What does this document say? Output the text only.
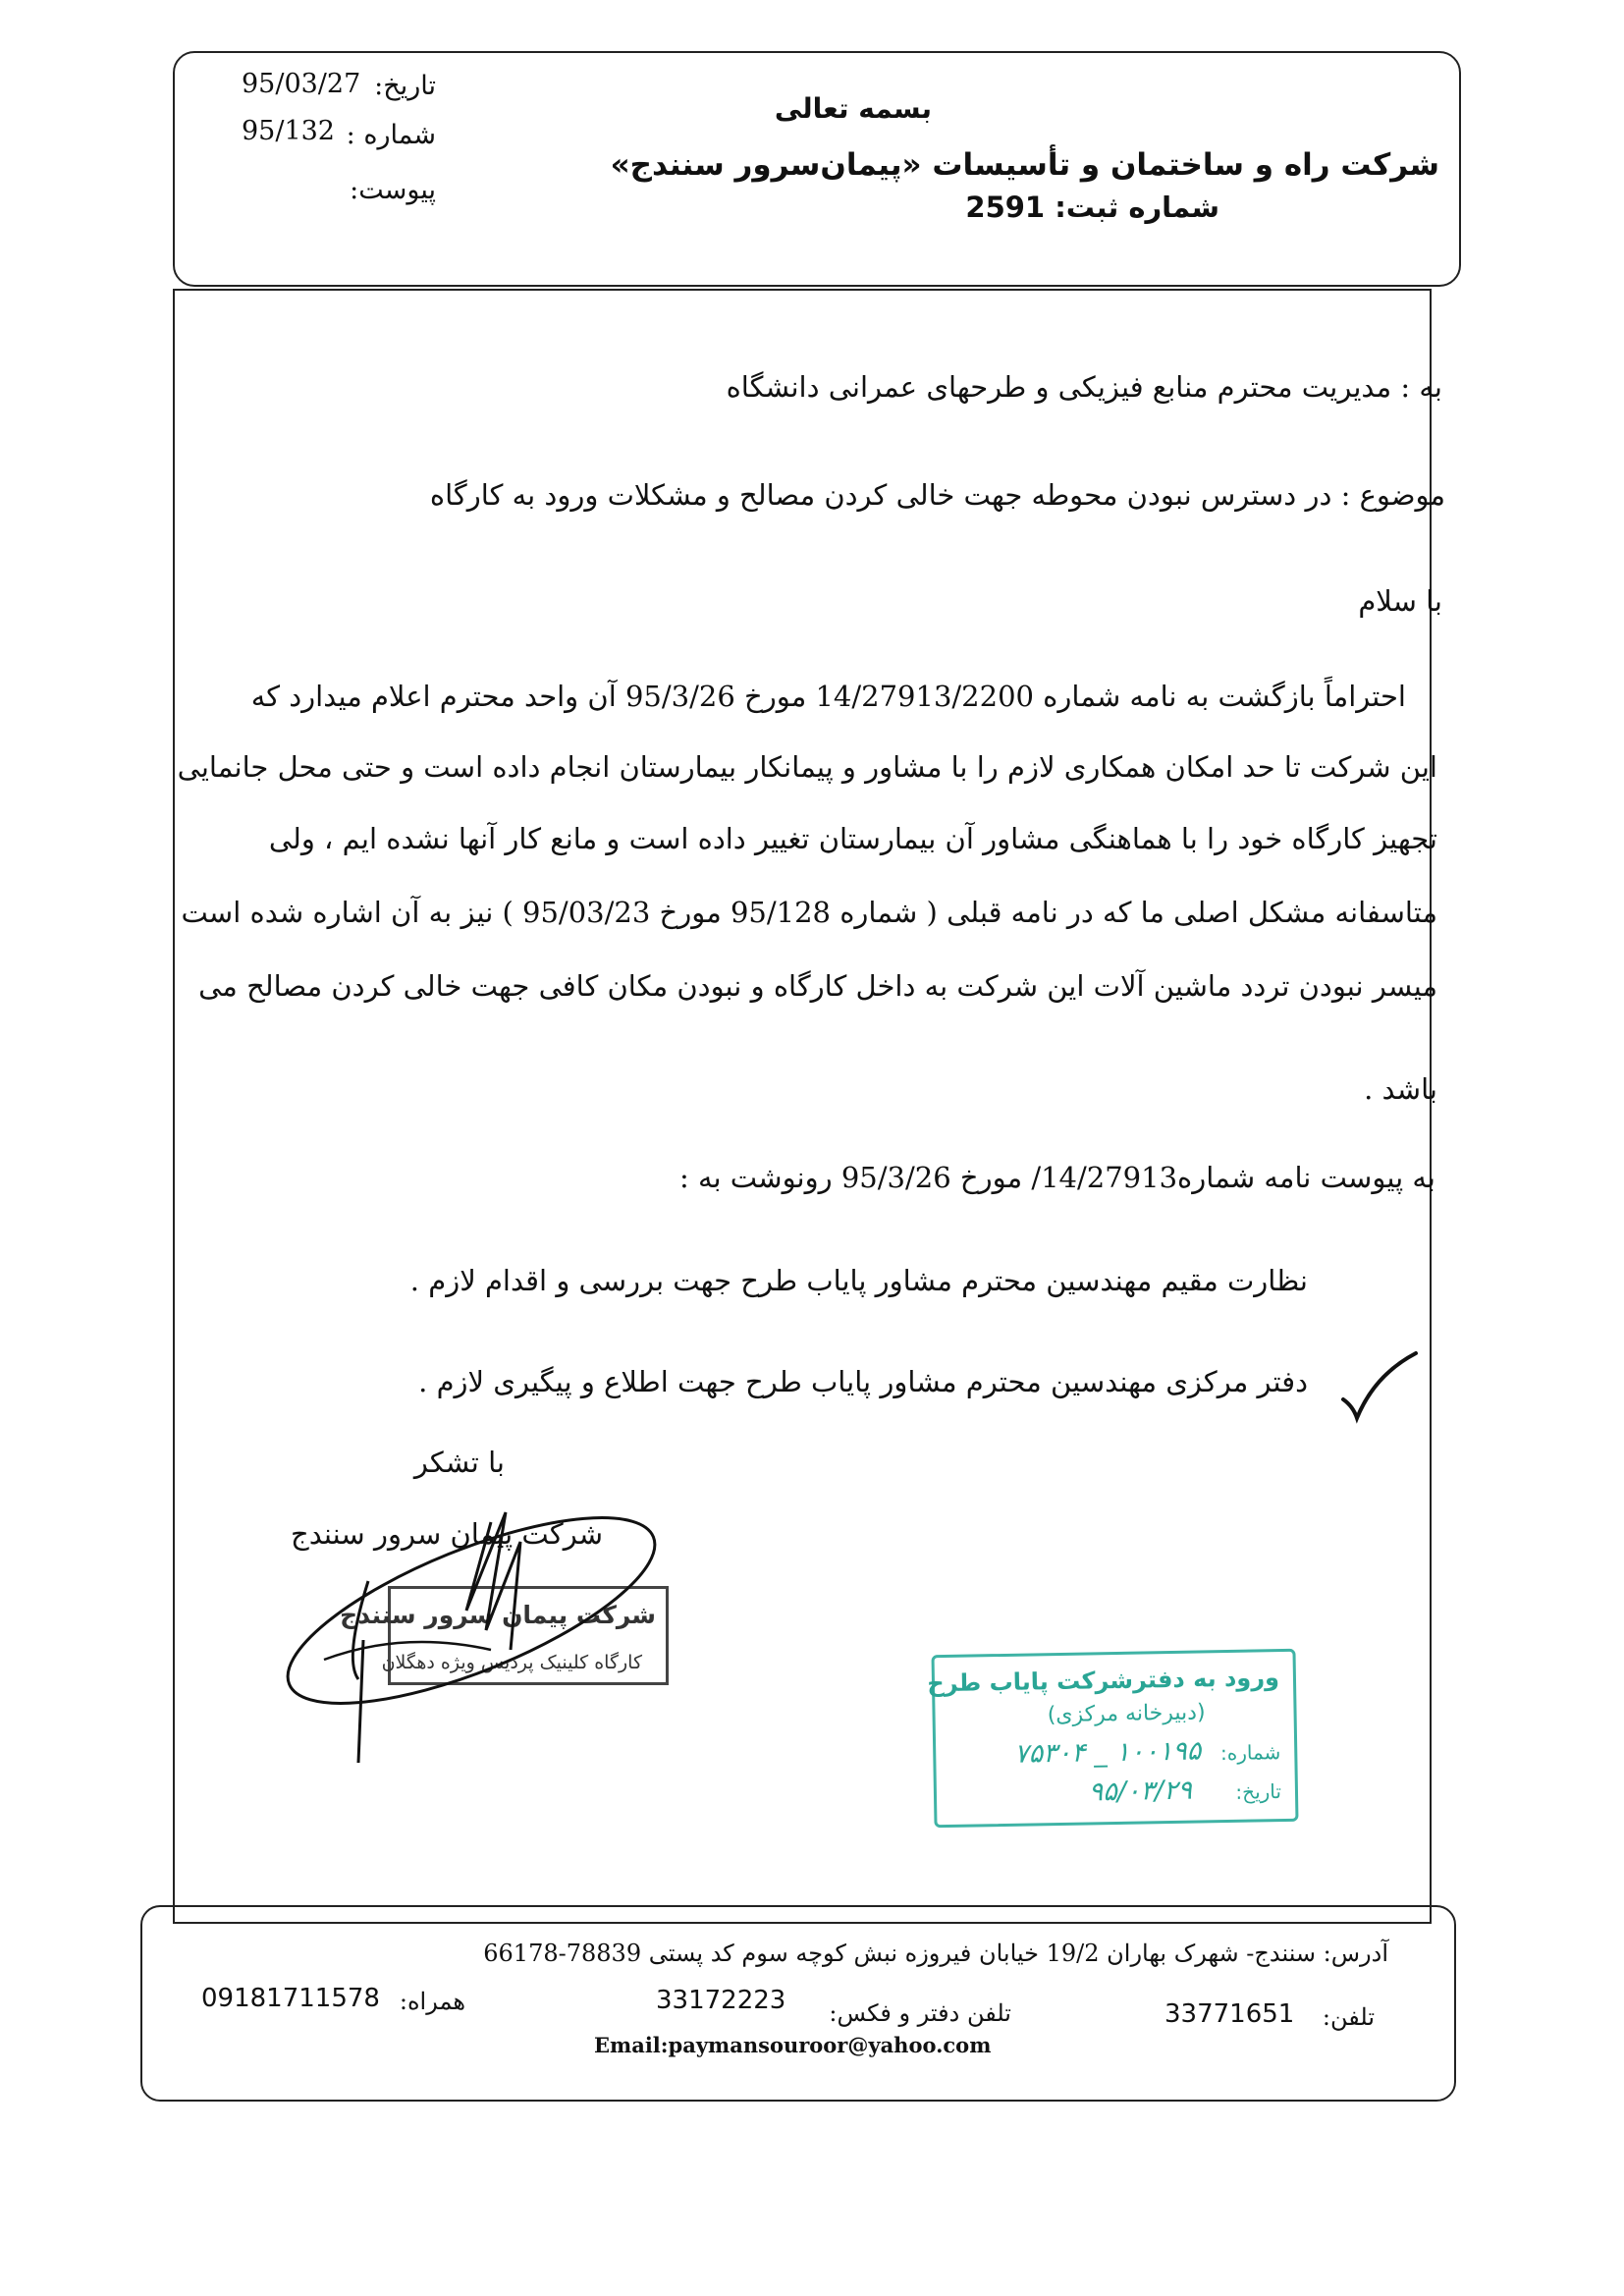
تاریخ:
95/03/27
شماره :
95/132
پیوست:
بسمه تعالی
شرکت راه و ساختمان و تأسیسات «پیمان‌سرور سنندج»
شماره ثبت: 2591
به : مدیریت محترم منابع فیزیکی و طرحهای عمرانی دانشگاه
موضوع : در دسترس نبودن محوطه جهت خالی کردن مصالح و مشکلات ورود به کارگاه
با سلام
احتراماً بازگشت به نامه شماره 14/27913/2200 مورخ 95/3/26 آن واحد محترم اعلام میدارد که
این شرکت تا حد امکان همکاری لازم را با مشاور و پیمانکار بیمارستان انجام داده است و حتی محل جانمایی
تجهیز کارگاه خود را با هماهنگی مشاور آن بیمارستان تغییر داده است و مانع کار آنها نشده ایم ، ولی
متاسفانه مشکل اصلی ما که در نامه قبلی ( شماره 95/128 مورخ 95/03/23 ) نیز به آن اشاره شده است
میسر نبودن تردد ماشین آلات این شرکت به داخل کارگاه و نبودن مکان کافی جهت خالی کردن مصالح می
باشد .
به پیوست نامه شماره14/27913/ مورخ 95/3/26 رونوشت به :
نظارت مقیم مهندسین محترم مشاور پایاب طرح جهت بررسی و اقدام لازم .
دفتر مرکزی مهندسین محترم مشاور پایاب طرح جهت اطلاع و پیگیری لازم .
با تشکر
شرکت پیمان سرور سنندج
شرکت پیمان سرور سنندج
کارگاه کلینیک پردیس ویژه دهگلان
ورود به دفترشرکت پایاب طرح
(دبیرخانه مرکزی)
شماره:
۱۰۰۱۹۵ _ ۷۵۳۰۴
تاریخ:
۹۵/۰۳/۲۹
آدرس: سنندج- شهرک بهاران 19/2 خیابان فیروزه نبش کوچه سوم کد پستی 78839-66178
تلفن:
33771651
تلفن دفتر و فکس:
33172223
همراه:
09181711578
Email:paymansouroor@yahoo.com
